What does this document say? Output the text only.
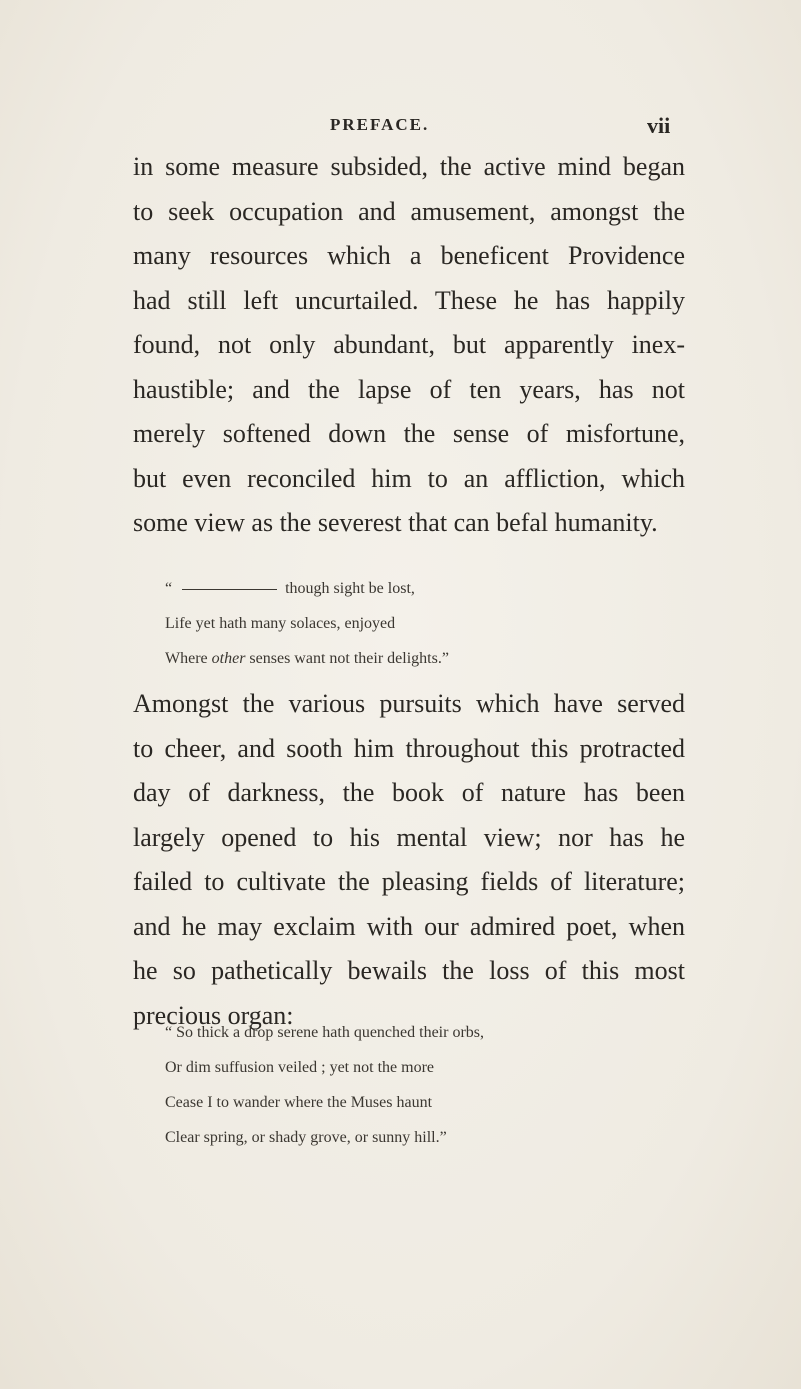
PREFACE.	vii
in some measure subsided, the active mind began
to seek occupation and amusement, amongst the
many resources which a beneficent Providence
had still left uncurtailed. These he has happily
found, not only abundant, but apparently inex-
haustible; and the lapse of ten years, has not
merely softened down the sense of misfortune,
but even reconciled him to an affliction, which
some view as the severest that can befal humanity.
“	though sight be lost,
Life yet hath many solaces, enjoyed
Where other senses want not their delights.”
Amongst the various pursuits which have served
to cheer, and sooth him throughout this protracted
day of darkness, the book of nature has been
largely opened to his mental view; nor has he
failed to cultivate the pleasing fields of literature;
and he may exclaim with our admired poet, when
he so pathetically bewails the loss of this most
precious organ:
“ So thick a drop serene hath quenched their orbs,
Or dim suffusion veiled ; yet not the more
Cease I to wander where the Muses haunt
Clear spring, or shady grove, or sunny hill.”
